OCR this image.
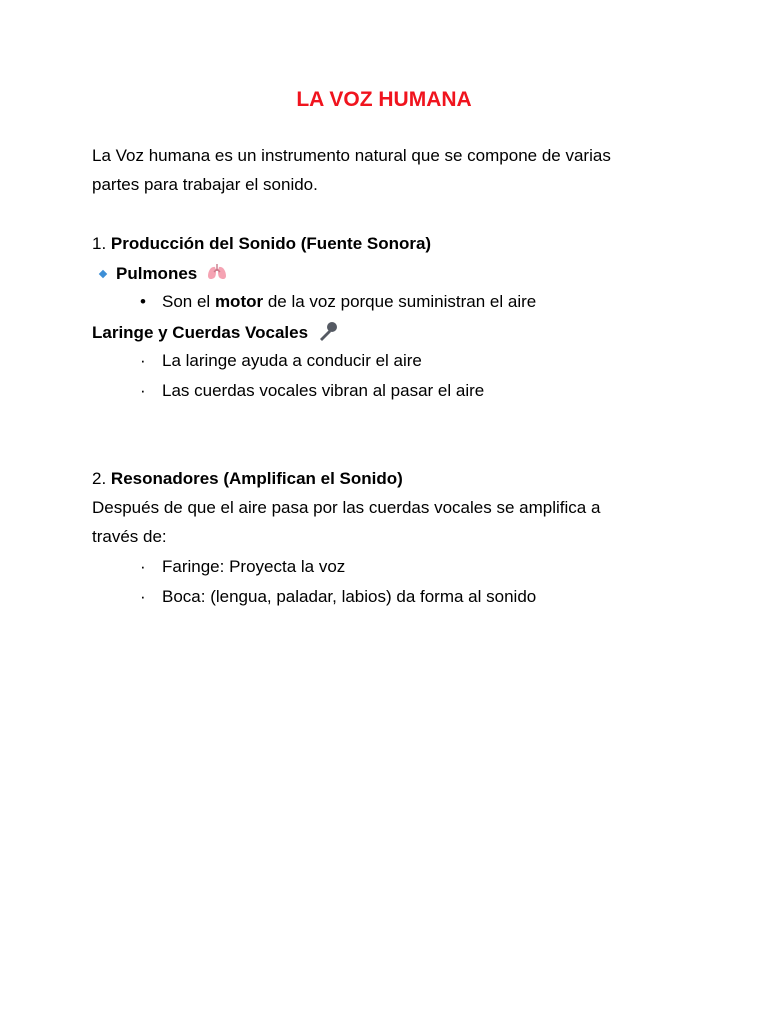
LA VOZ HUMANA
La Voz humana es un instrumento natural que se compone de varias
partes para trabajar el sonido.
1. Producción del Sonido (Fuente Sonora)
Pulmones
• Son el motor de la voz porque suministran el aire
Laringe y Cuerdas Vocales
· La laringe ayuda a conducir el aire
· Las cuerdas vocales vibran al pasar el aire
2. Resonadores (Amplifican el Sonido)
Después de que el aire pasa por las cuerdas vocales se amplifica a
través de:
· Faringe: Proyecta la voz
· Boca: (lengua, paladar, labios) da forma al sonido
